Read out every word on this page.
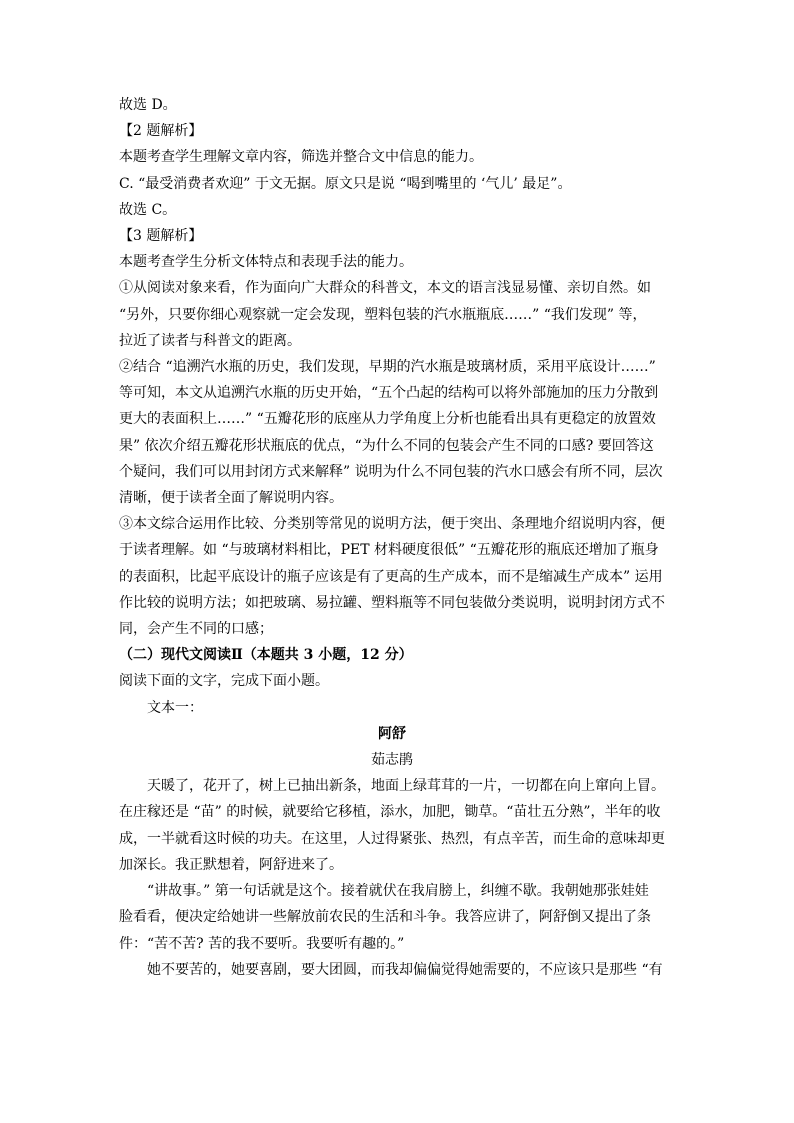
故选 D。

【2 题解析】

本题考查学生理解文章内容，筛选并整合文中信息的能力。

C. “最受消费者欢迎” 于文无据。原文只是说 “喝到嘴里的 ‘气儿’ 最足”。

故选 C。

【3 题解析】

本题考查学生分析文体特点和表现手法的能力。

①从阅读对象来看，作为面向广大群众的科普文，本文的语言浅显易懂、亲切自然。如

“另外，只要你细心观察就一定会发现，塑料包装的汽水瓶瓶底……” “我们发现” 等，

拉近了读者与科普文的距离。

②结合 “追溯汽水瓶的历史，我们发现，早期的汽水瓶是玻璃材质，采用平底设计……”

等可知，本文从追溯汽水瓶的历史开始，“五个凸起的结构可以将外部施加的压力分散到

更大的表面积上……” “五瓣花形的底座从力学角度上分析也能看出具有更稳定的放置效

果” 依次介绍五瓣花形状瓶底的优点，“为什么不同的包装会产生不同的口感? 要回答这

个疑问，我们可以用封闭方式来解释” 说明为什么不同包装的汽水口感会有所不同，层次

清晰，便于读者全面了解说明内容。

③本文综合运用作比较、分类别等常见的说明方法，便于突出、条理地介绍说明内容，便

于读者理解。如 “与玻璃材料相比，PET 材料硬度很低” “五瓣花形的瓶底还增加了瓶身

的表面积，比起平底设计的瓶子应该是有了更高的生产成本，而不是缩减生产成本” 运用

作比较的说明方法；如把玻璃、易拉罐、塑料瓶等不同包装做分类说明，说明封闭方式不

同，会产生不同的口感；

（二）现代文阅读Ⅱ（本题共 3 小题，12 分）

阅读下面的文字，完成下面小题。

文本一：

阿舒

茹志鹃

天暖了，花开了，树上已抽出新条，地面上绿茸茸的一片，一切都在向上窜向上冒。

在庄稼还是 “苗” 的时候，就要给它移植，添水，加肥，锄草。“苗壮五分熟”，半年的收

成，一半就看这时候的功夫。在这里，人过得紧张、热烈，有点辛苦，而生命的意味却更

加深长。我正默想着，阿舒进来了。

“讲故事。” 第一句话就是这个。接着就伏在我肩膀上，纠缠不歇。我朝她那张娃娃

脸看看，便决定给她讲一些解放前农民的生活和斗争。我答应讲了，阿舒倒又提出了条

件：“苦不苦? 苦的我不要听。我要听有趣的。”

她不要苦的，她要喜剧，要大团圆，而我却偏偏觉得她需要的，不应该只是那些 “有
